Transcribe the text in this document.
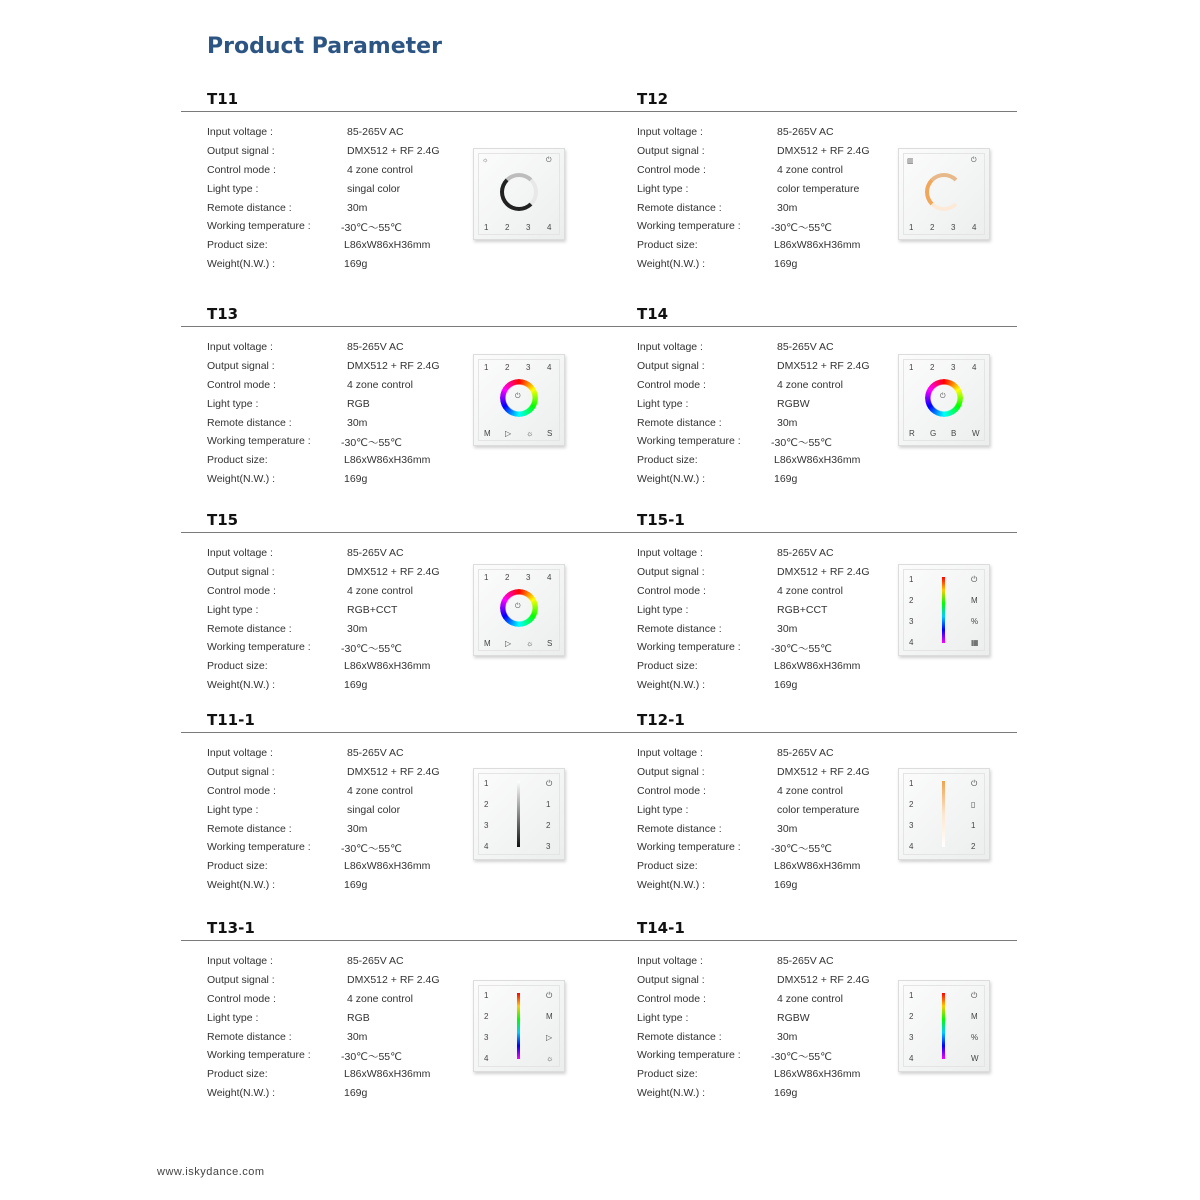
Product Parameter
T11
Input voltage :	85-265V AC
Output signal :	DMX512 + RF 2.4G
Control mode :	4 zone control
Light type :	singal color
Remote distance :	30m
Working temperature :	-30℃～55℃
Product size:	L86xW86xH36mm
Weight(N.W.) :	169g
⏻
☼
1 2 3 4
T12
Input voltage :	85-265V AC
Output signal :	DMX512 + RF 2.4G
Control mode :	4 zone control
Light type :	color temperature
Remote distance :	30m
Working temperature :	-30℃～55℃
Product size:	L86xW86xH36mm
Weight(N.W.) :	169g
⏻
▥
1 2 3 4
T13
Input voltage :	85-265V AC
Output signal :	DMX512 + RF 2.4G
Control mode :	4 zone control
Light type :	RGB
Remote distance :	30m
Working temperature :	-30℃～55℃
Product size:	L86xW86xH36mm
Weight(N.W.) :	169g
⏻
1 2 3 4
M ▷ ☼ S
T14
Input voltage :	85-265V AC
Output signal :	DMX512 + RF 2.4G
Control mode :	4 zone control
Light type :	RGBW
Remote distance :	30m
Working temperature :	-30℃～55℃
Product size:	L86xW86xH36mm
Weight(N.W.) :	169g
⏻
1 2 3 4
R G B W
T15
Input voltage :	85-265V AC
Output signal :	DMX512 + RF 2.4G
Control mode :	4 zone control
Light type :	RGB+CCT
Remote distance :	30m
Working temperature :	-30℃～55℃
Product size:	L86xW86xH36mm
Weight(N.W.) :	169g
⏻
1 2 3 4
M ▷ ☼ S
T15-1
Input voltage :	85-265V AC
Output signal :	DMX512 + RF 2.4G
Control mode :	4 zone control
Light type :	RGB+CCT
Remote distance :	30m
Working temperature :	-30℃～55℃
Product size:	L86xW86xH36mm
Weight(N.W.) :	169g
1
2
3
4
⏻
M
%
▦
T11-1
Input voltage :	85-265V AC
Output signal :	DMX512 + RF 2.4G
Control mode :	4 zone control
Light type :	singal color
Remote distance :	30m
Working temperature :	-30℃～55℃
Product size:	L86xW86xH36mm
Weight(N.W.) :	169g
1
2
3
4
⏻
1
2
3
T12-1
Input voltage :	85-265V AC
Output signal :	DMX512 + RF 2.4G
Control mode :	4 zone control
Light type :	color temperature
Remote distance :	30m
Working temperature :	-30℃～55℃
Product size:	L86xW86xH36mm
Weight(N.W.) :	169g
1
2
3
4
⏻
▯
1
2
T13-1
Input voltage :	85-265V AC
Output signal :	DMX512 + RF 2.4G
Control mode :	4 zone control
Light type :	RGB
Remote distance :	30m
Working temperature :	-30℃～55℃
Product size:	L86xW86xH36mm
Weight(N.W.) :	169g
1
2
3
4
⏻
M
▷
☼
T14-1
Input voltage :	85-265V AC
Output signal :	DMX512 + RF 2.4G
Control mode :	4 zone control
Light type :	RGBW
Remote distance :	30m
Working temperature :	-30℃～55℃
Product size:	L86xW86xH36mm
Weight(N.W.) :	169g
1
2
3
4
⏻
M
%
W
www.iskydance.com
